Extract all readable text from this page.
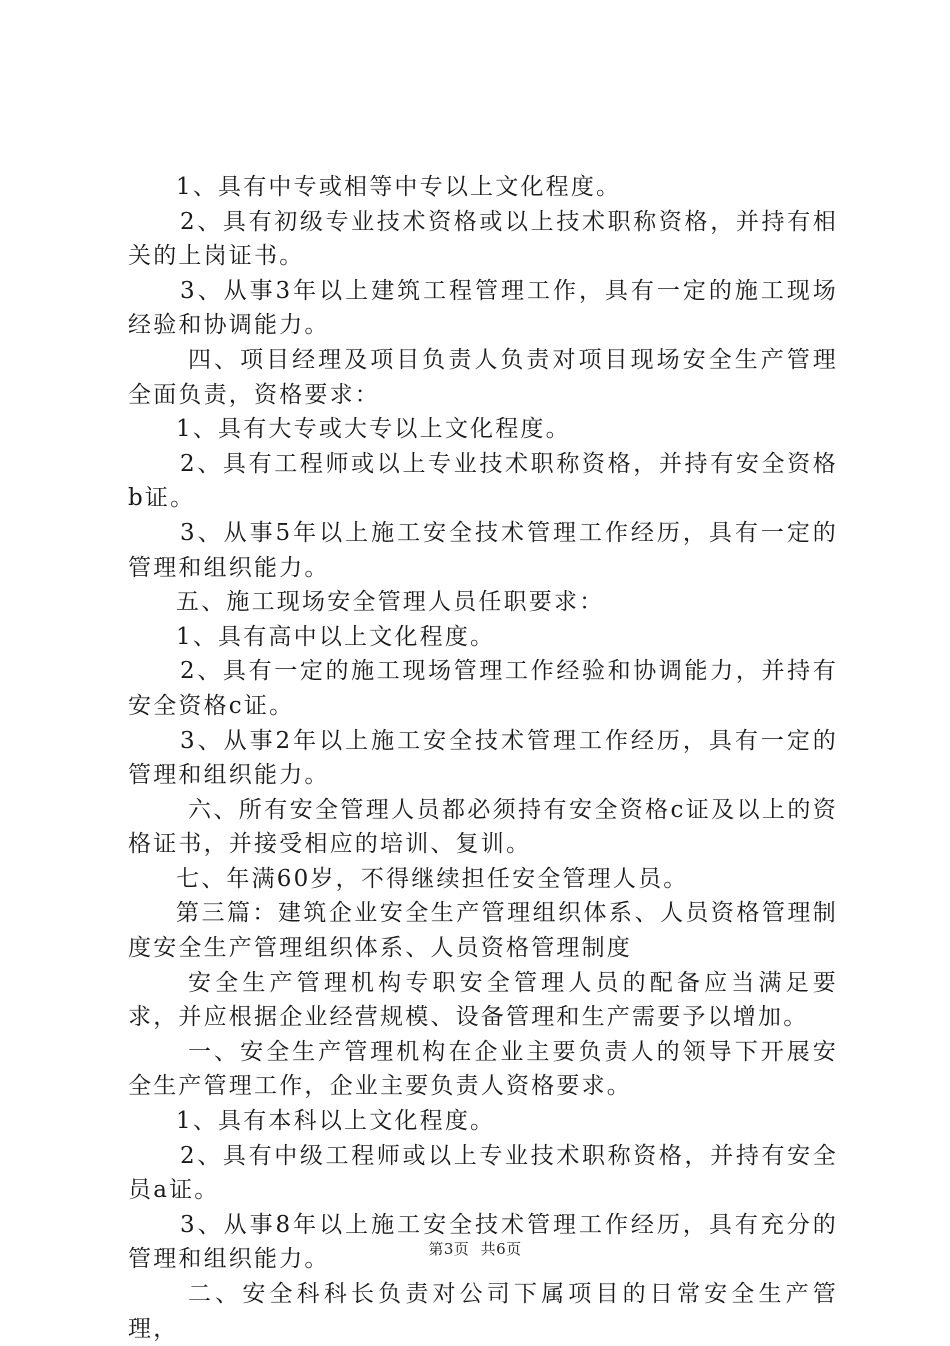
1、具有中专或相等中专以上文化程度。

2、具有初级专业技术资格或以上技术职称资格，并持有相关的上岗证书。

3、从事3年以上建筑工程管理工作，具有一定的施工现场经验和协调能力。

四、项目经理及项目负责人负责对项目现场安全生产管理全面负责，资格要求：

1、具有大专或大专以上文化程度。

2、具有工程师或以上专业技术职称资格，并持有安全资格b证。

3、从事5年以上施工安全技术管理工作经历，具有一定的管理和组织能力。

五、施工现场安全管理人员任职要求：

1、具有高中以上文化程度。

2、具有一定的施工现场管理工作经验和协调能力，并持有安全资格c证。

3、从事2年以上施工安全技术管理工作经历，具有一定的管理和组织能力。

六、所有安全管理人员都必须持有安全资格c证及以上的资格证书，并接受相应的培训、复训。

七、年满60岁，不得继续担任安全管理人员。

第三篇：建筑企业安全生产管理组织体系、人员资格管理制度安全生产管理组织体系、人员资格管理制度

安全生产管理机构专职安全管理人员的配备应当满足要求，并应根据企业经营规模、设备管理和生产需要予以增加。

一、安全生产管理机构在企业主要负责人的领导下开展安全生产管理工作，企业主要负责人资格要求。

1、具有本科以上文化程度。

2、具有中级工程师或以上专业技术职称资格，并持有安全员a证。

3、从事8年以上施工安全技术管理工作经历，具有充分的管理和组织能力。

二、安全科科长负责对公司下属项目的日常安全生产管理，

第3页 共6页
